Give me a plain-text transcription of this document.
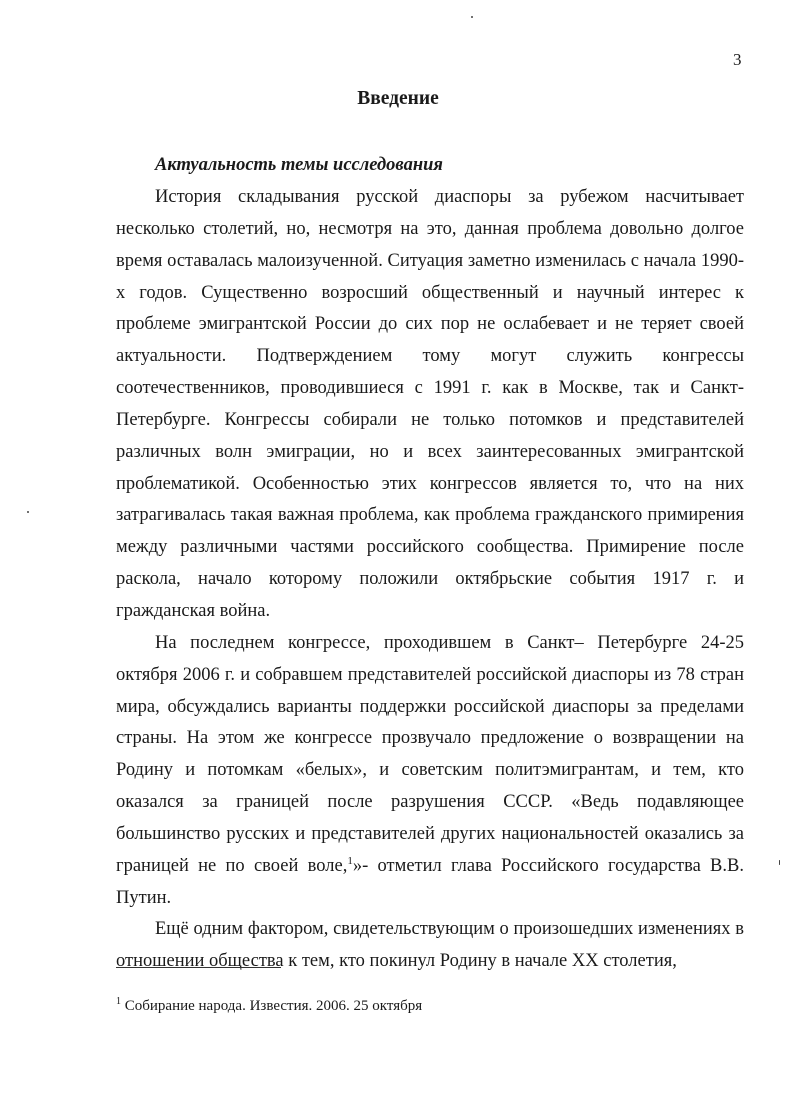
3
Введение
Актуальность темы исследования

История складывания русской диаспоры за рубежом насчитывает несколько столетий, но, несмотря на это, данная проблема довольно долгое время оставалась малоизученной. Ситуация заметно изменилась с начала 1990-х годов. Существенно возросший общественный и научный интерес к проблеме эмигрантской России до сих пор не ослабевает и не теряет своей актуальности. Подтверждением тому могут служить конгрессы соотечественников, проводившиеся с 1991 г. как в Москве, так и Санкт-Петербурге. Конгрессы собирали не только потомков и представителей различных волн эмиграции, но и всех заинтересованных эмигрантской проблематикой. Особенностью этих конгрессов является то, что на них затрагивалась такая важная проблема, как проблема гражданского примирения между различными частями российского сообщества. Примирение после раскола, начало которому положили октябрьские события 1917 г. и гражданская война.

На последнем конгрессе, проходившем в Санкт– Петербурге 24-25 октября 2006 г. и собравшем представителей российской диаспоры из 78 стран мира, обсуждались варианты поддержки российской диаспоры за пределами страны. На этом же конгрессе прозвучало предложение о возвращении на Родину и потомкам «белых», и советским политэмигрантам, и тем, кто оказался за границей после разрушения СССР. «Ведь подавляющее большинство русских и представителей других национальностей оказались за границей не по своей воле,$^1$»- отметил глава Российского государства В.В. Путин.

Ещё одним фактором, свидетельствующим о произошедших изменениях в отношении общества к тем, кто покинул Родину в начале XX столетия,

$^1$ Собирание народа. Известия. 2006. 25 октября
